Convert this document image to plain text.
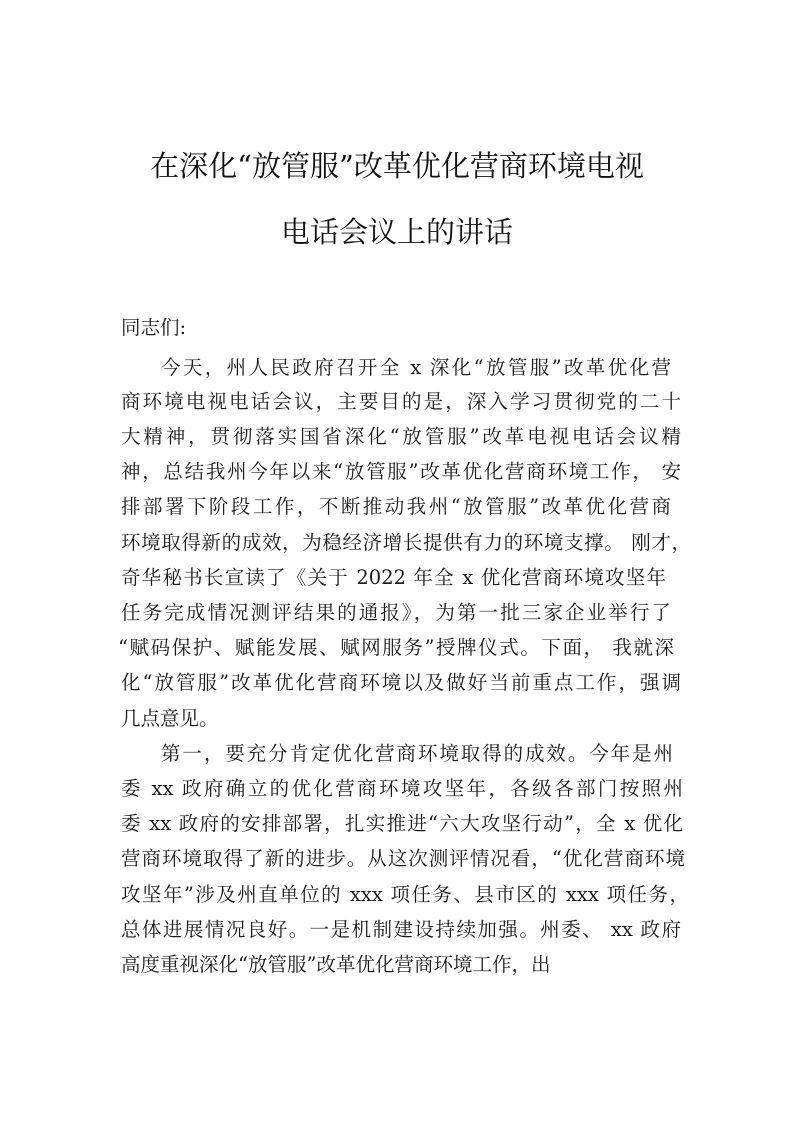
在深化“放管服”改革优化营商环境电视
电话会议上的讲话
同志们:
今天，州人民政府召开全 x 深化“放管服”改革优化营
商环境电视电话会议，主要目的是，深入学习贯彻党的二十
大精神，贯彻落实国省深化“放管服”改革电视电话会议精
神，总结我州今年以来“放管服”改革优化营商环境工作， 安
排部署下阶段工作，不断推动我州“放管服”改革优化营商
环境取得新的成效，为稳经济增长提供有力的环境支撑。 刚才，
奇华秘书长宣读了《关于 2022 年全 x 优化营商环境攻坚年
任务完成情况测评结果的通报》，为第一批三家企业举行了
“赋码保护、赋能发展、赋网服务”授牌仪式。下面， 我就深
化“放管服”改革优化营商环境以及做好当前重点工作，强调
几点意见。
第一，要充分肯定优化营商环境取得的成效。今年是州
委 xx 政府确立的优化营商环境攻坚年，各级各部门按照州
委 xx 政府的安排部署，扎实推进“六大攻坚行动”，全 x 优化
营商环境取得了新的进步。从这次测评情况看，“优化营商环境
攻坚年”涉及州直单位的 xxx 项任务、县市区的 xxx 项任务，
总体进展情况良好。一是机制建设持续加强。州委、 xx 政府
高度重视深化“放管服”改革优化营商环境工作，出
